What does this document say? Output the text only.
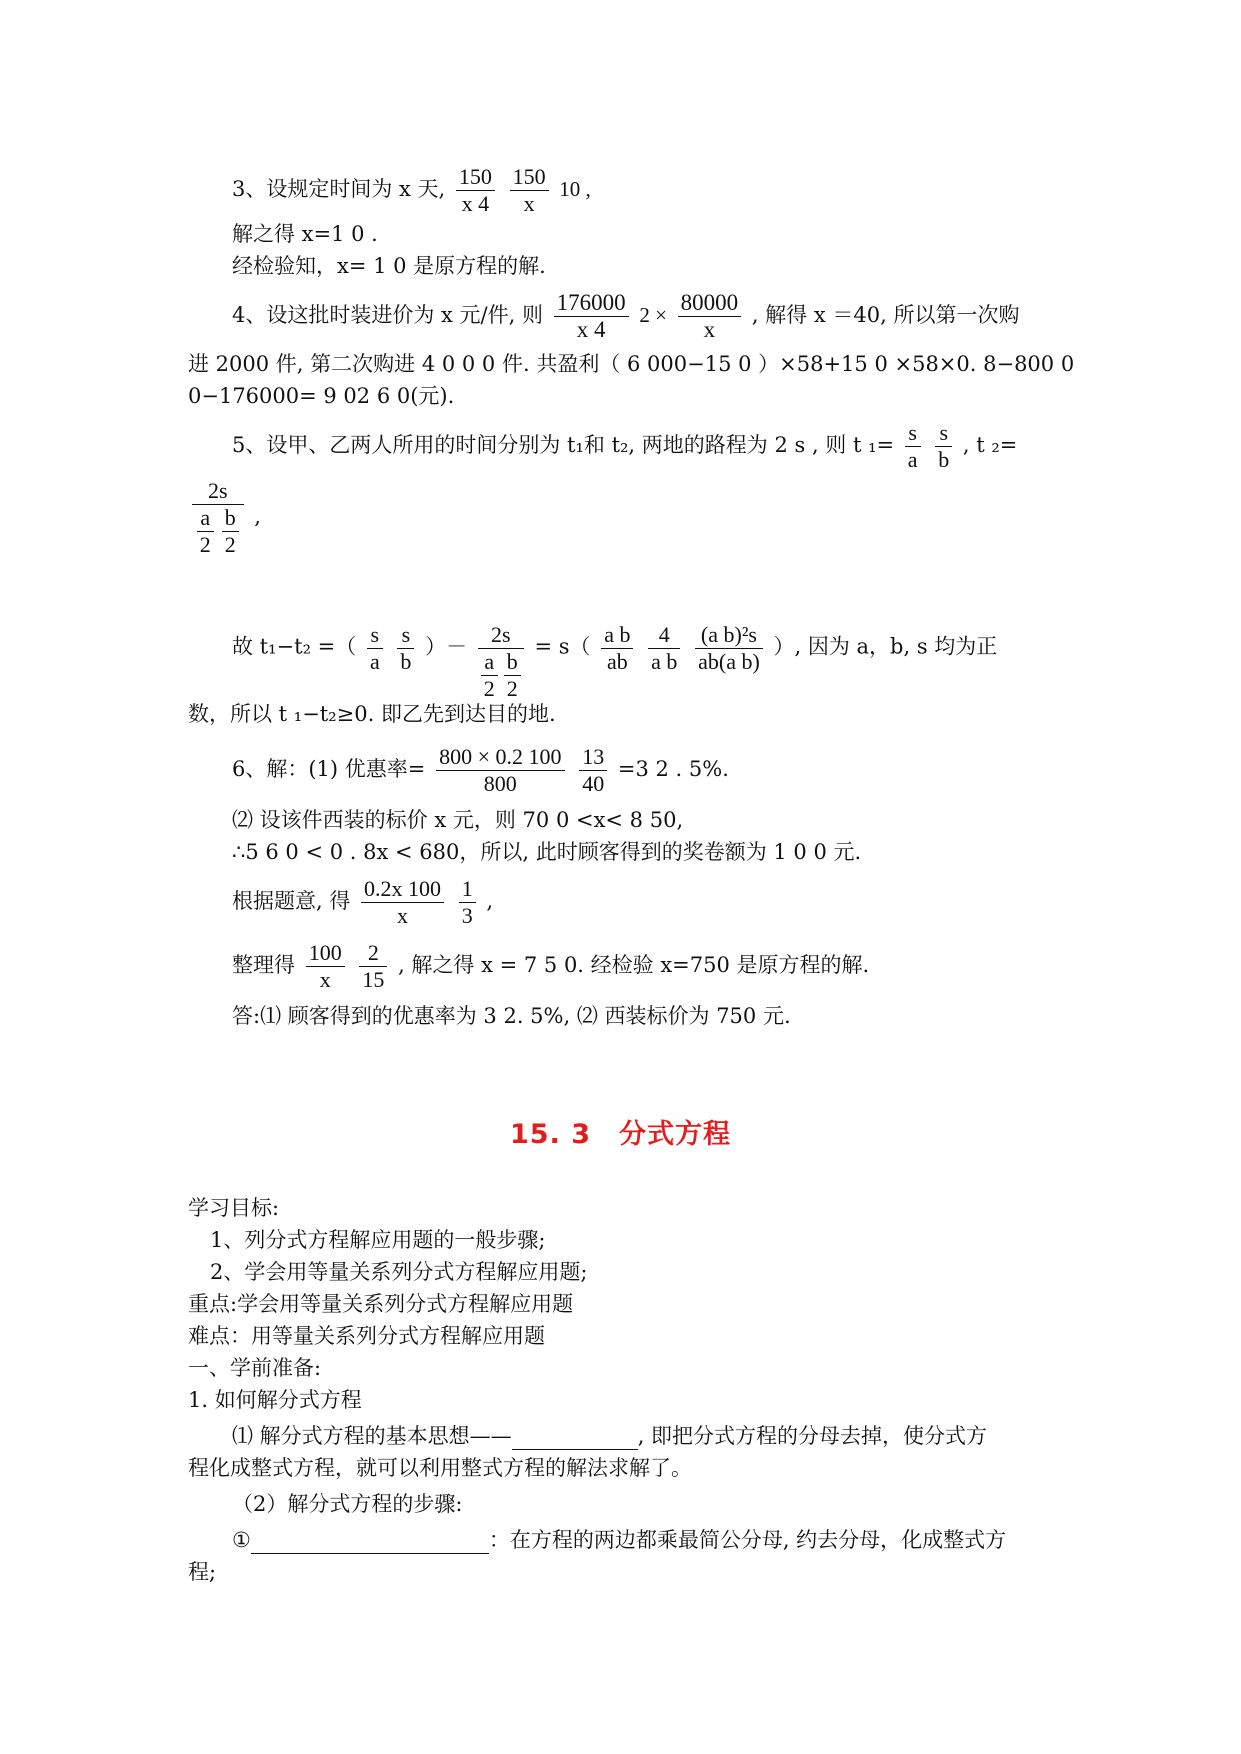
3、设规定时间为 x 天, $\frac{150}{x 4}$
$\frac{150}{x} 10$ ,
解之得 x=1 0 .
经检验知，x= 1 0 是原方程的解.
4、设这批时装进价为 x 元/件, 则 $\frac{176000}{x 4} 2 \times \frac{80000}{x}$ , 解得 x ＝40, 所以第一次购
进 2000 件, 第二次购进 4 0 0 0 件. 共盈利（ 6 000−15 0 ）×58+15 0 ×58×0. 8−800 0
0−176000= 9 02 6 0(元).
5、设甲、乙两人所用的时间分别为 t₁和 t₂, 两地的路程为 2 s , 则 t $_1= \frac{s}{a}$
$\frac{s}{b}$ , t ₂=
$\frac{2s}{\frac{a}{2} \frac{b}{2}}$ ,
故 t₁−t₂ =（ $\frac{s}{a}$
$\frac{s}{b}$ ）－ $\frac{2s}{\frac{a}{2} \frac{b}{2}} = s( \frac{\text{a b}}{ab}$
$\frac{4}{\text{a b}}$
$\frac{\text{(a b)²s}}{\text{ab(a b)}}$ ）, 因为 a，b, s 均为正
数，所以 t ₁−t₂≥0. 即乙先到达目的地.
6、解：(1) 优惠率= $\frac{800 \times 0.2 100}{800}$
$\frac{13}{40} =3$ 2 . 5%.
⑵ 设该件西装的标价 x 元，则 70 0 <x< 8 50,
∴5 6 0 < 0 . 8x < 680，所以, 此时顾客得到的奖卷额为 1 0 0 元.
根据题意, 得 $\frac{0.2x 100}{x}$
$\frac{1}{3}$ ,
整理得 $\frac{100}{x}$
$\frac{2}{15}$ , 解之得 x = 7 5 0. 经检验 x=750 是原方程的解.
答:⑴ 顾客得到的优惠率为 3 2. 5%, ⑵ 西装标价为 750 元.
15. 3　分式方程
学习目标:
1、列分式方程解应用题的一般步骤;
2、学会用等量关系列分式方程解应用题;
重点:学会用等量关系列分式方程解应用题
难点：用等量关系列分式方程解应用题
一、学前准备:
1. 如何解分式方程
⑴ 解分式方程的基本思想——	, 即把分式方程的分母去掉，使分式方
程化成整式方程，就可以利用整式方程的解法求解了。
（2）解分式方程的步骤:
①	：在方程的两边都乘最简公分母, 约去分母，化成整式方
程;
